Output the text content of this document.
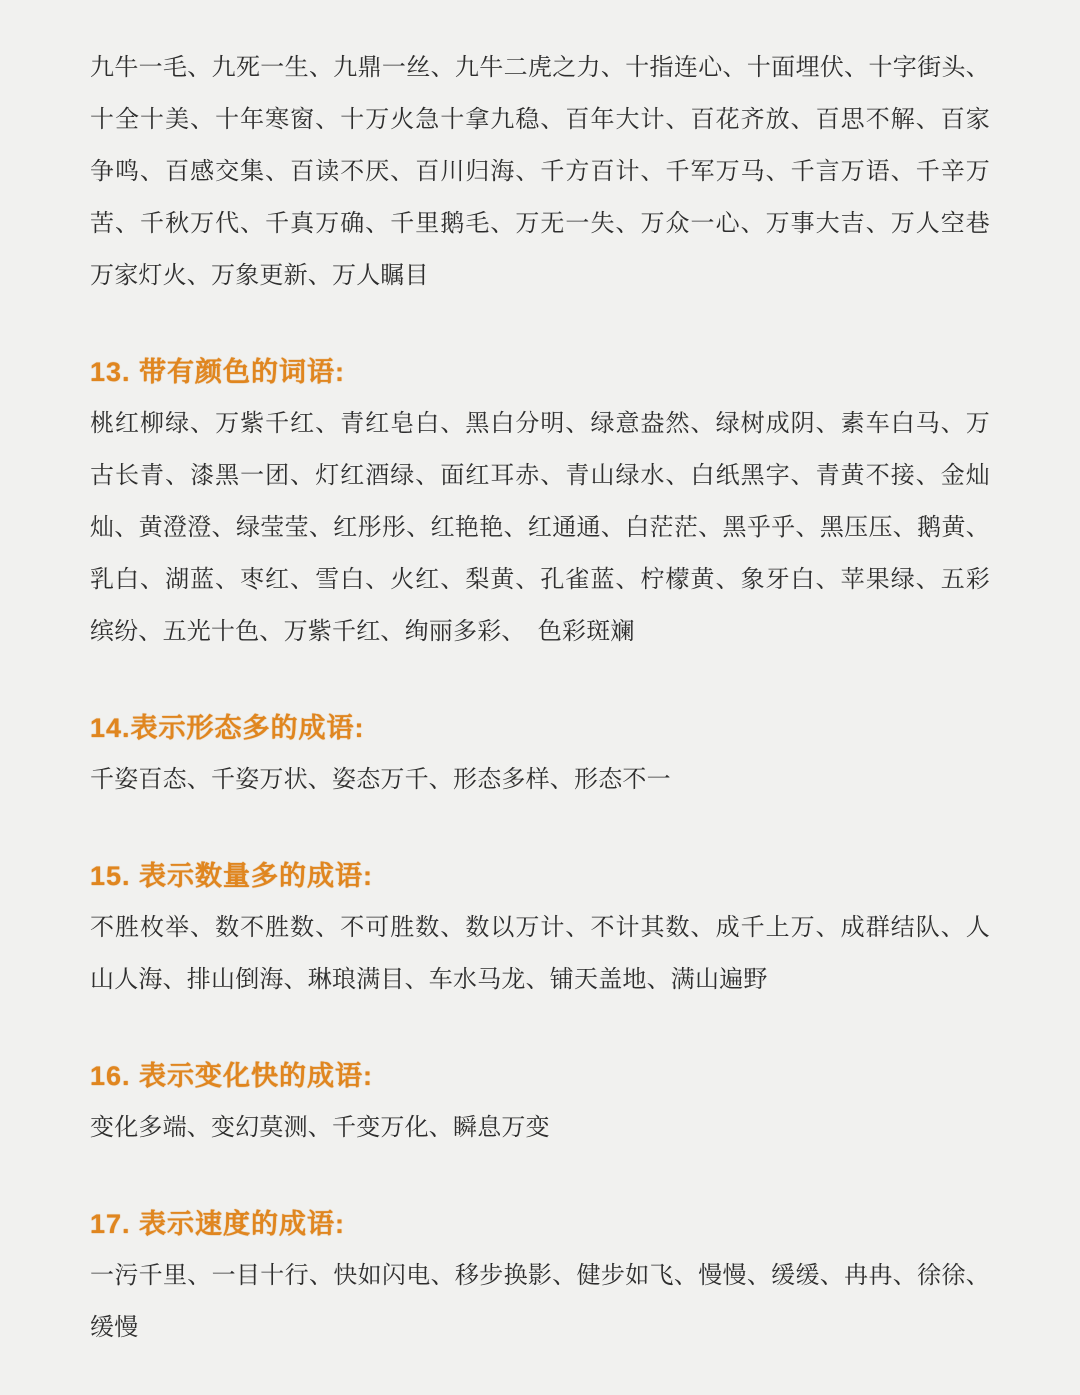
九牛一毛、九死一生、九鼎一丝、九牛二虎之力、十指连心、十面埋伏、十字街头、
十全十美、十年寒窗、十万火急十拿九稳、百年大计、百花齐放、百思不解、百家
争鸣、百感交集、百读不厌、百川归海、千方百计、千军万马、千言万语、千辛万
苦、千秋万代、千真万确、千里鹅毛、万无一失、万众一心、万事大吉、万人空巷
万家灯火、万象更新、万人瞩目
13. 带有颜色的词语:
桃红柳绿、万紫千红、青红皂白、黑白分明、绿意盎然、绿树成阴、素车白马、万
古长青、漆黑一团、灯红酒绿、面红耳赤、青山绿水、白纸黑字、青黄不接、金灿
灿、黄澄澄、绿莹莹、红彤彤、红艳艳、红通通、白茫茫、黑乎乎、黑压压、鹅黄、
乳白、湖蓝、枣红、雪白、火红、梨黄、孔雀蓝、柠檬黄、象牙白、苹果绿、五彩
缤纷、五光十色、万紫千红、绚丽多彩、　色彩斑斓
14.表示形态多的成语:
千姿百态、千姿万状、姿态万千、形态多样、形态不一
15. 表示数量多的成语:
不胜枚举、数不胜数、不可胜数、数以万计、不计其数、成千上万、成群结队、人
山人海、排山倒海、琳琅满目、车水马龙、铺天盖地、满山遍野
16. 表示变化快的成语:
变化多端、变幻莫测、千变万化、瞬息万变
17. 表示速度的成语:
一污千里、一目十行、快如闪电、移步换影、健步如飞、慢慢、缓缓、冉冉、徐徐、
缓慢
